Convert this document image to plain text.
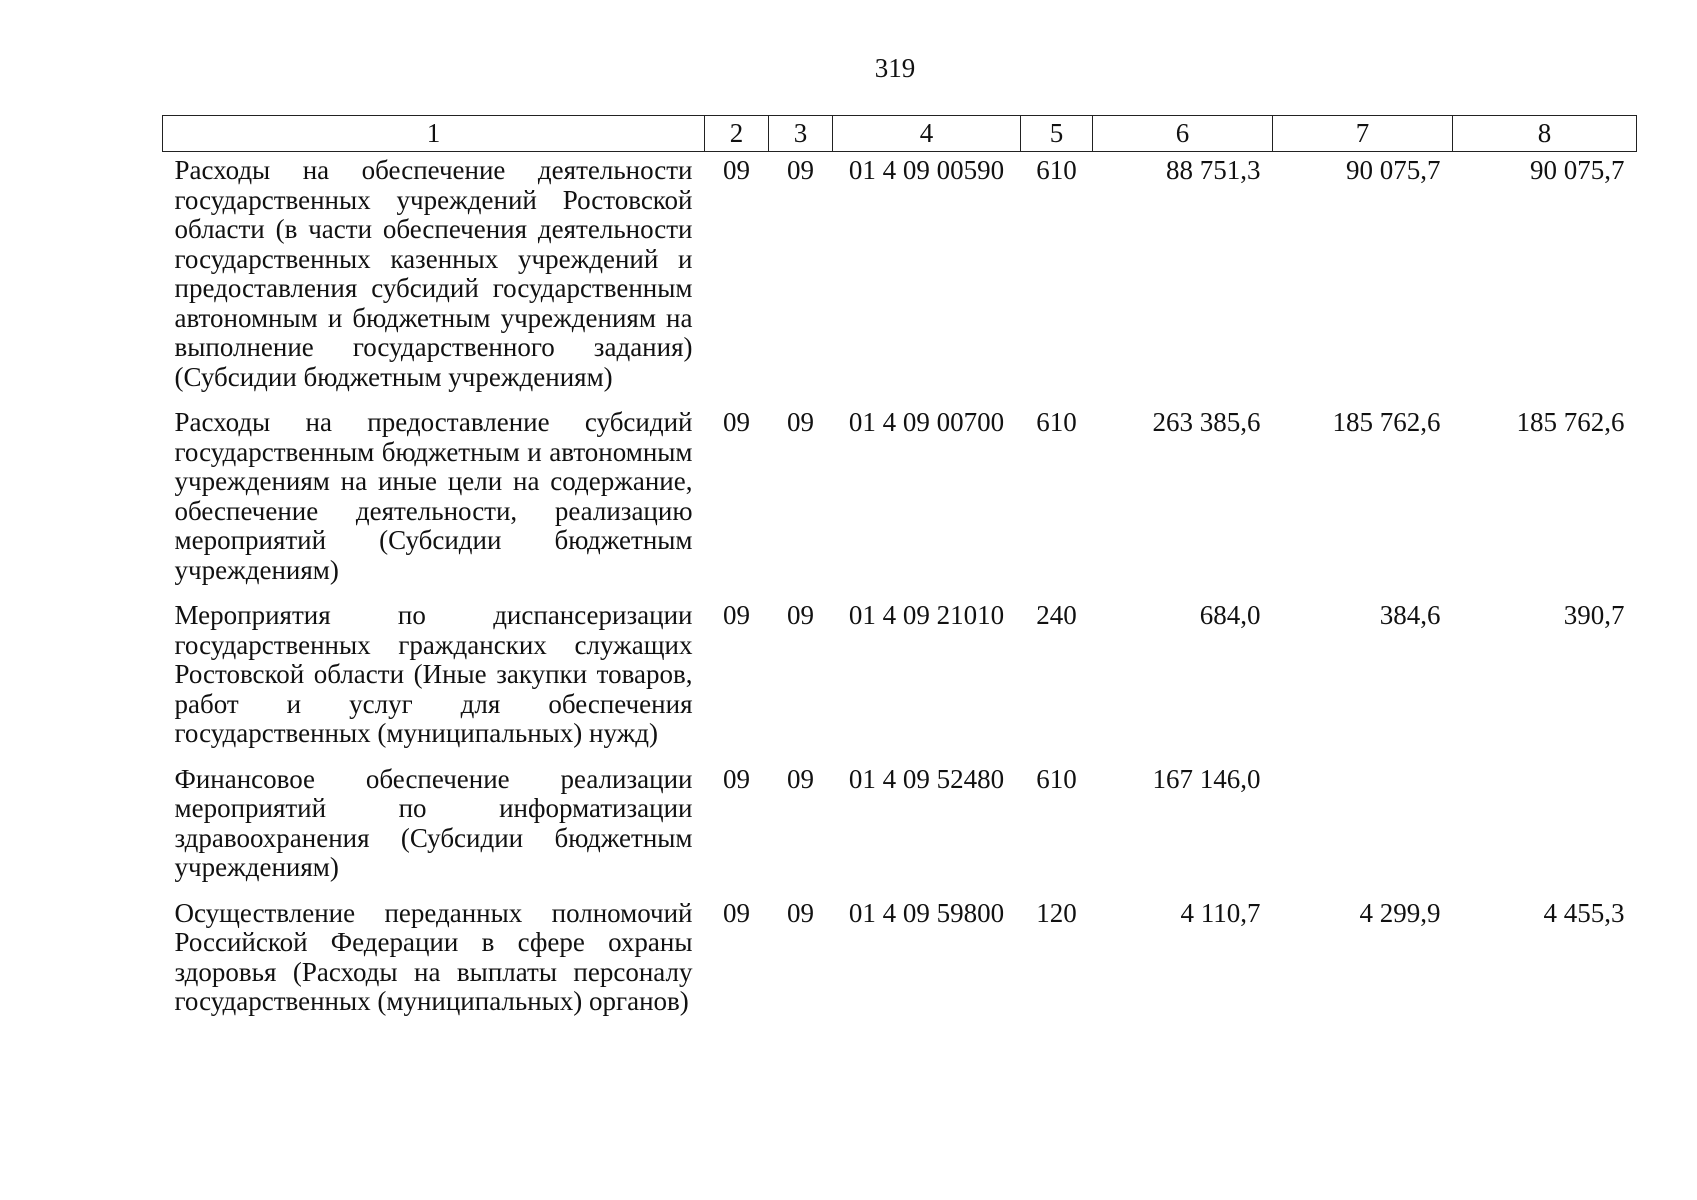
319
1	2	3	4	5	6	7	8
Расходы на обеспечение деятельности государственных учреждений Ростовской области (в части обеспечения деятельности государственных казенных учреждений и предоставления субсидий государственным автономным и бюджетным учреждениям на выполнение государственного задания) (Субсидии бюджетным учреждениям)	09	09	01 4 09 00590	610	88 751,3	90 075,7	90 075,7
Расходы на предоставление субсидий государственным бюджетным и автономным учреждениям на иные цели на содержание, обеспечение деятельности, реализацию мероприятий (Субсидии бюджетным учреждениям)	09	09	01 4 09 00700	610	263 385,6	185 762,6	185 762,6
Мероприятия по диспансеризации государственных гражданских служащих Ростовской области (Иные закупки товаров, работ и услуг для обеспечения государственных (муниципальных) нужд)	09	09	01 4 09 21010	240	684,0	384,6	390,7
Финансовое обеспечение реализации мероприятий по информатизации здравоохранения (Субсидии бюджетным учреждениям)	09	09	01 4 09 52480	610	167 146,0		
Осуществление переданных полномочий Российской Федерации в сфере охраны здоровья (Расходы на выплаты персоналу государственных (муниципальных) органов)	09	09	01 4 09 59800	120	4 110,7	4 299,9	4 455,3
